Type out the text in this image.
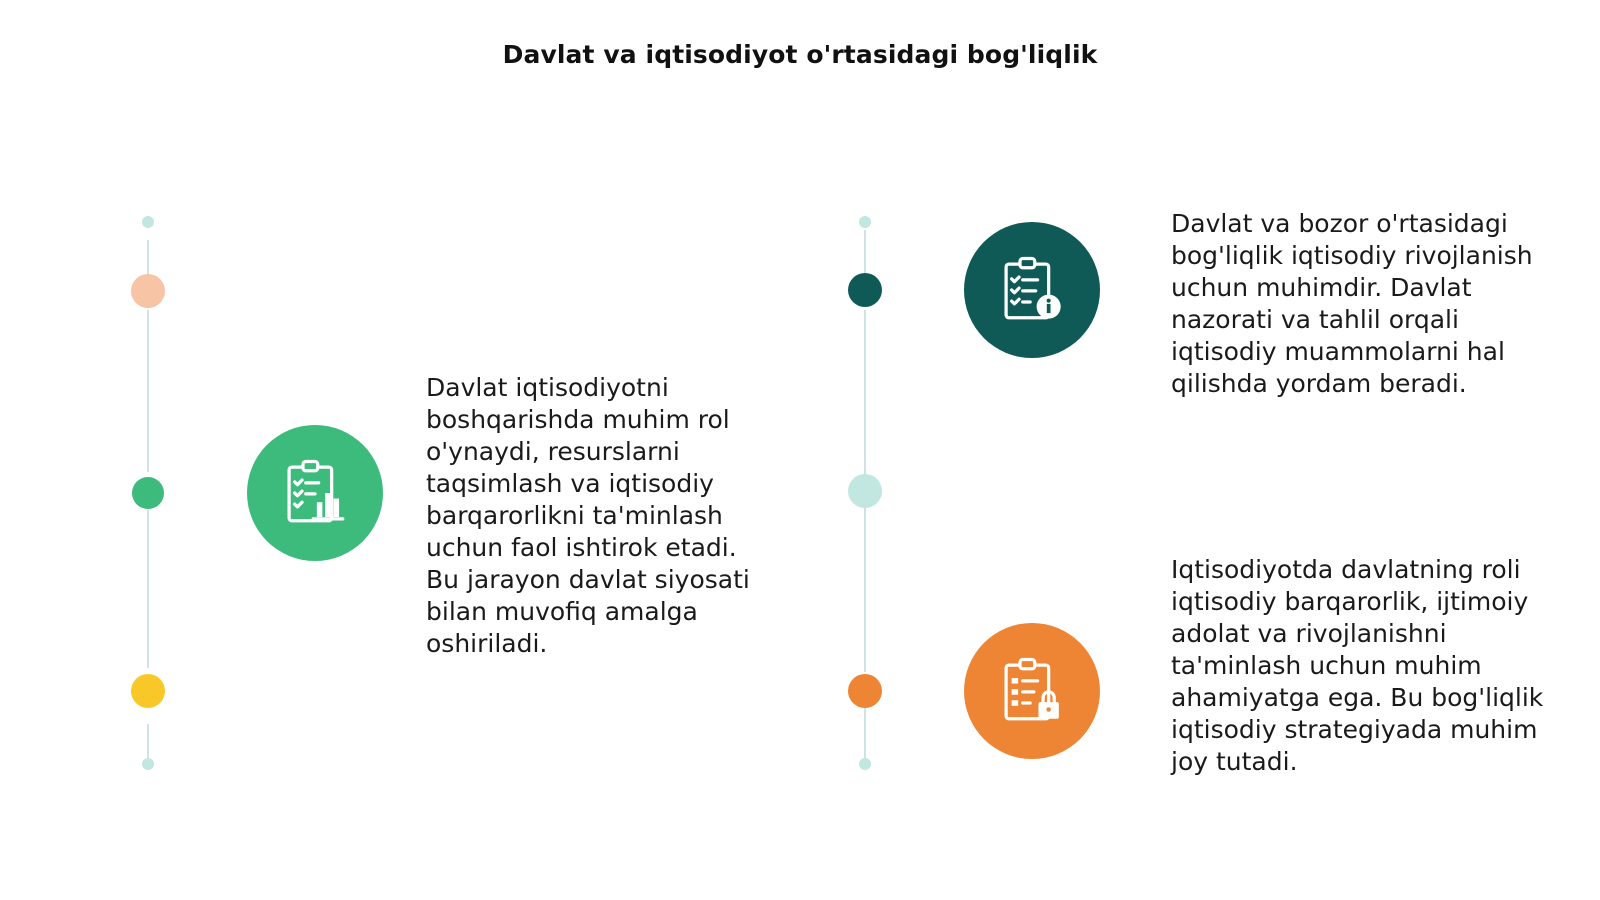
Davlat va iqtisodiyot o'rtasidagi bog'liqlik

Davlat iqtisodiyotni boshqarishda muhim rol o'ynaydi, resurslarni taqsimlash va iqtisodiy barqarorlikni ta'minlash uchun faol ishtirok etadi. Bu jarayon davlat siyosati bilan muvofiq amalga oshiriladi.

Davlat va bozor o'rtasidagi bog'liqlik iqtisodiy rivojlanish uchun muhimdir. Davlat nazorati va tahlil orqali iqtisodiy muammolarni hal qilishda yordam beradi.

Iqtisodiyotda davlatning roli iqtisodiy barqarorlik, ijtimoiy adolat va rivojlanishni ta'minlash uchun muhim ahamiyatga ega. Bu bog'liqlik iqtisodiy strategiyada muhim joy tutadi.
